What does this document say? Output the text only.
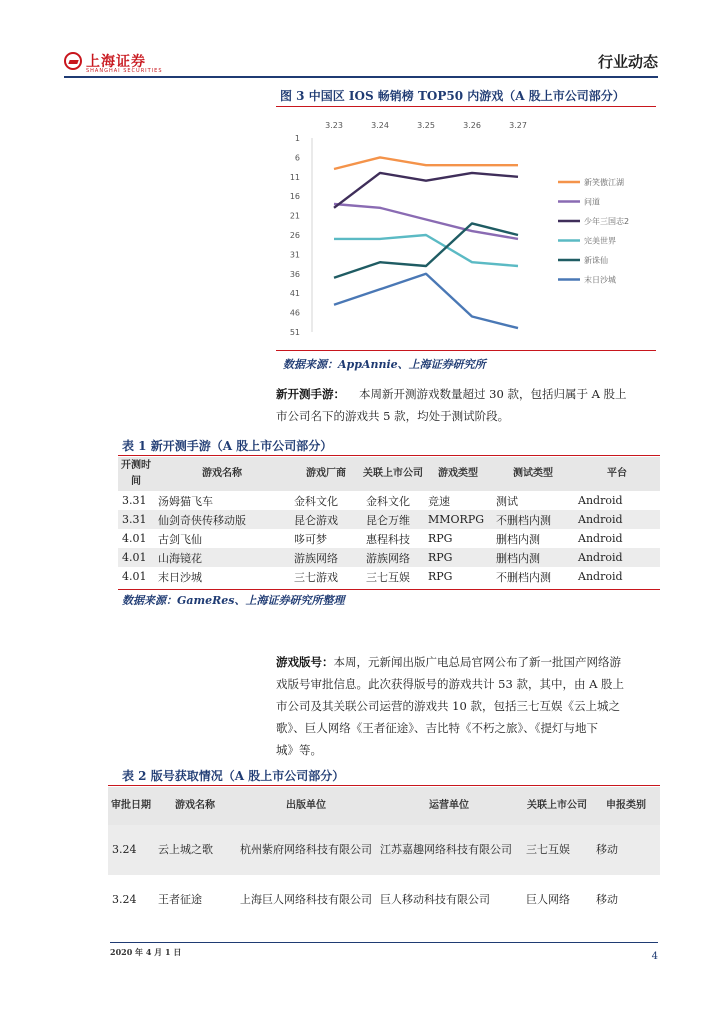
上海证券
SHANGHAI SECURITIES	行业动态
图 3 中国区 IOS 畅销榜 TOP50 内游戏（A 股上市公司部分）
3.23	3.24	3.25	3.26	3.27
1
6
11
16
21
26
31
36
41
46
51
新笑傲江湖
问道
少年三国志2
完美世界
新诛仙
末日沙城
数据来源：AppAnnie、上海证券研究所
新开测手游： 本周新开测游戏数量超过 30 款，包括归属于 A 股上
市公司名下的游戏共 5 款，均处于测试阶段。
表 1 新开测手游（A 股上市公司部分）
开测时间	游戏名称	游戏厂商	关联上市公司	游戏类型	测试类型	平台
3.31	汤姆猫飞车	金科文化	金科文化	竞速	测试	Android
3.31	仙剑奇侠传移动版	昆仑游戏	昆仑万维	MMORPG	不删档内测	Android
4.01	古剑飞仙	哆可梦	惠程科技	RPG	删档内测	Android
4.01	山海镜花	游族网络	游族网络	RPG	删档内测	Android
4.01	末日沙城	三七游戏	三七互娱	RPG	不删档内测	Android
数据来源：GameRes、上海证券研究所整理
游戏版号：本周，元新闻出版广电总局官网公布了新一批国产网络游
戏版号审批信息。此次获得版号的游戏共计 53 款，其中，由 A 股上
市公司及其关联公司运营的游戏共 10 款，包括三七互娱《云上城之
歌》、巨人网络《王者征途》、吉比特《不朽之旅》、《提灯与地下
城》等。
表 2 版号获取情况（A 股上市公司部分）
审批日期	游戏名称	出版单位	运营单位	关联上市公司	申报类别
3.24	云上城之歌	杭州紫府网络科技有限公司	江苏嘉趣网络科技有限公司	三七互娱	移动
3.24	王者征途	上海巨人网络科技有限公司	巨人移动科技有限公司	巨人网络	移动
2020 年 4 月 1 日	4
